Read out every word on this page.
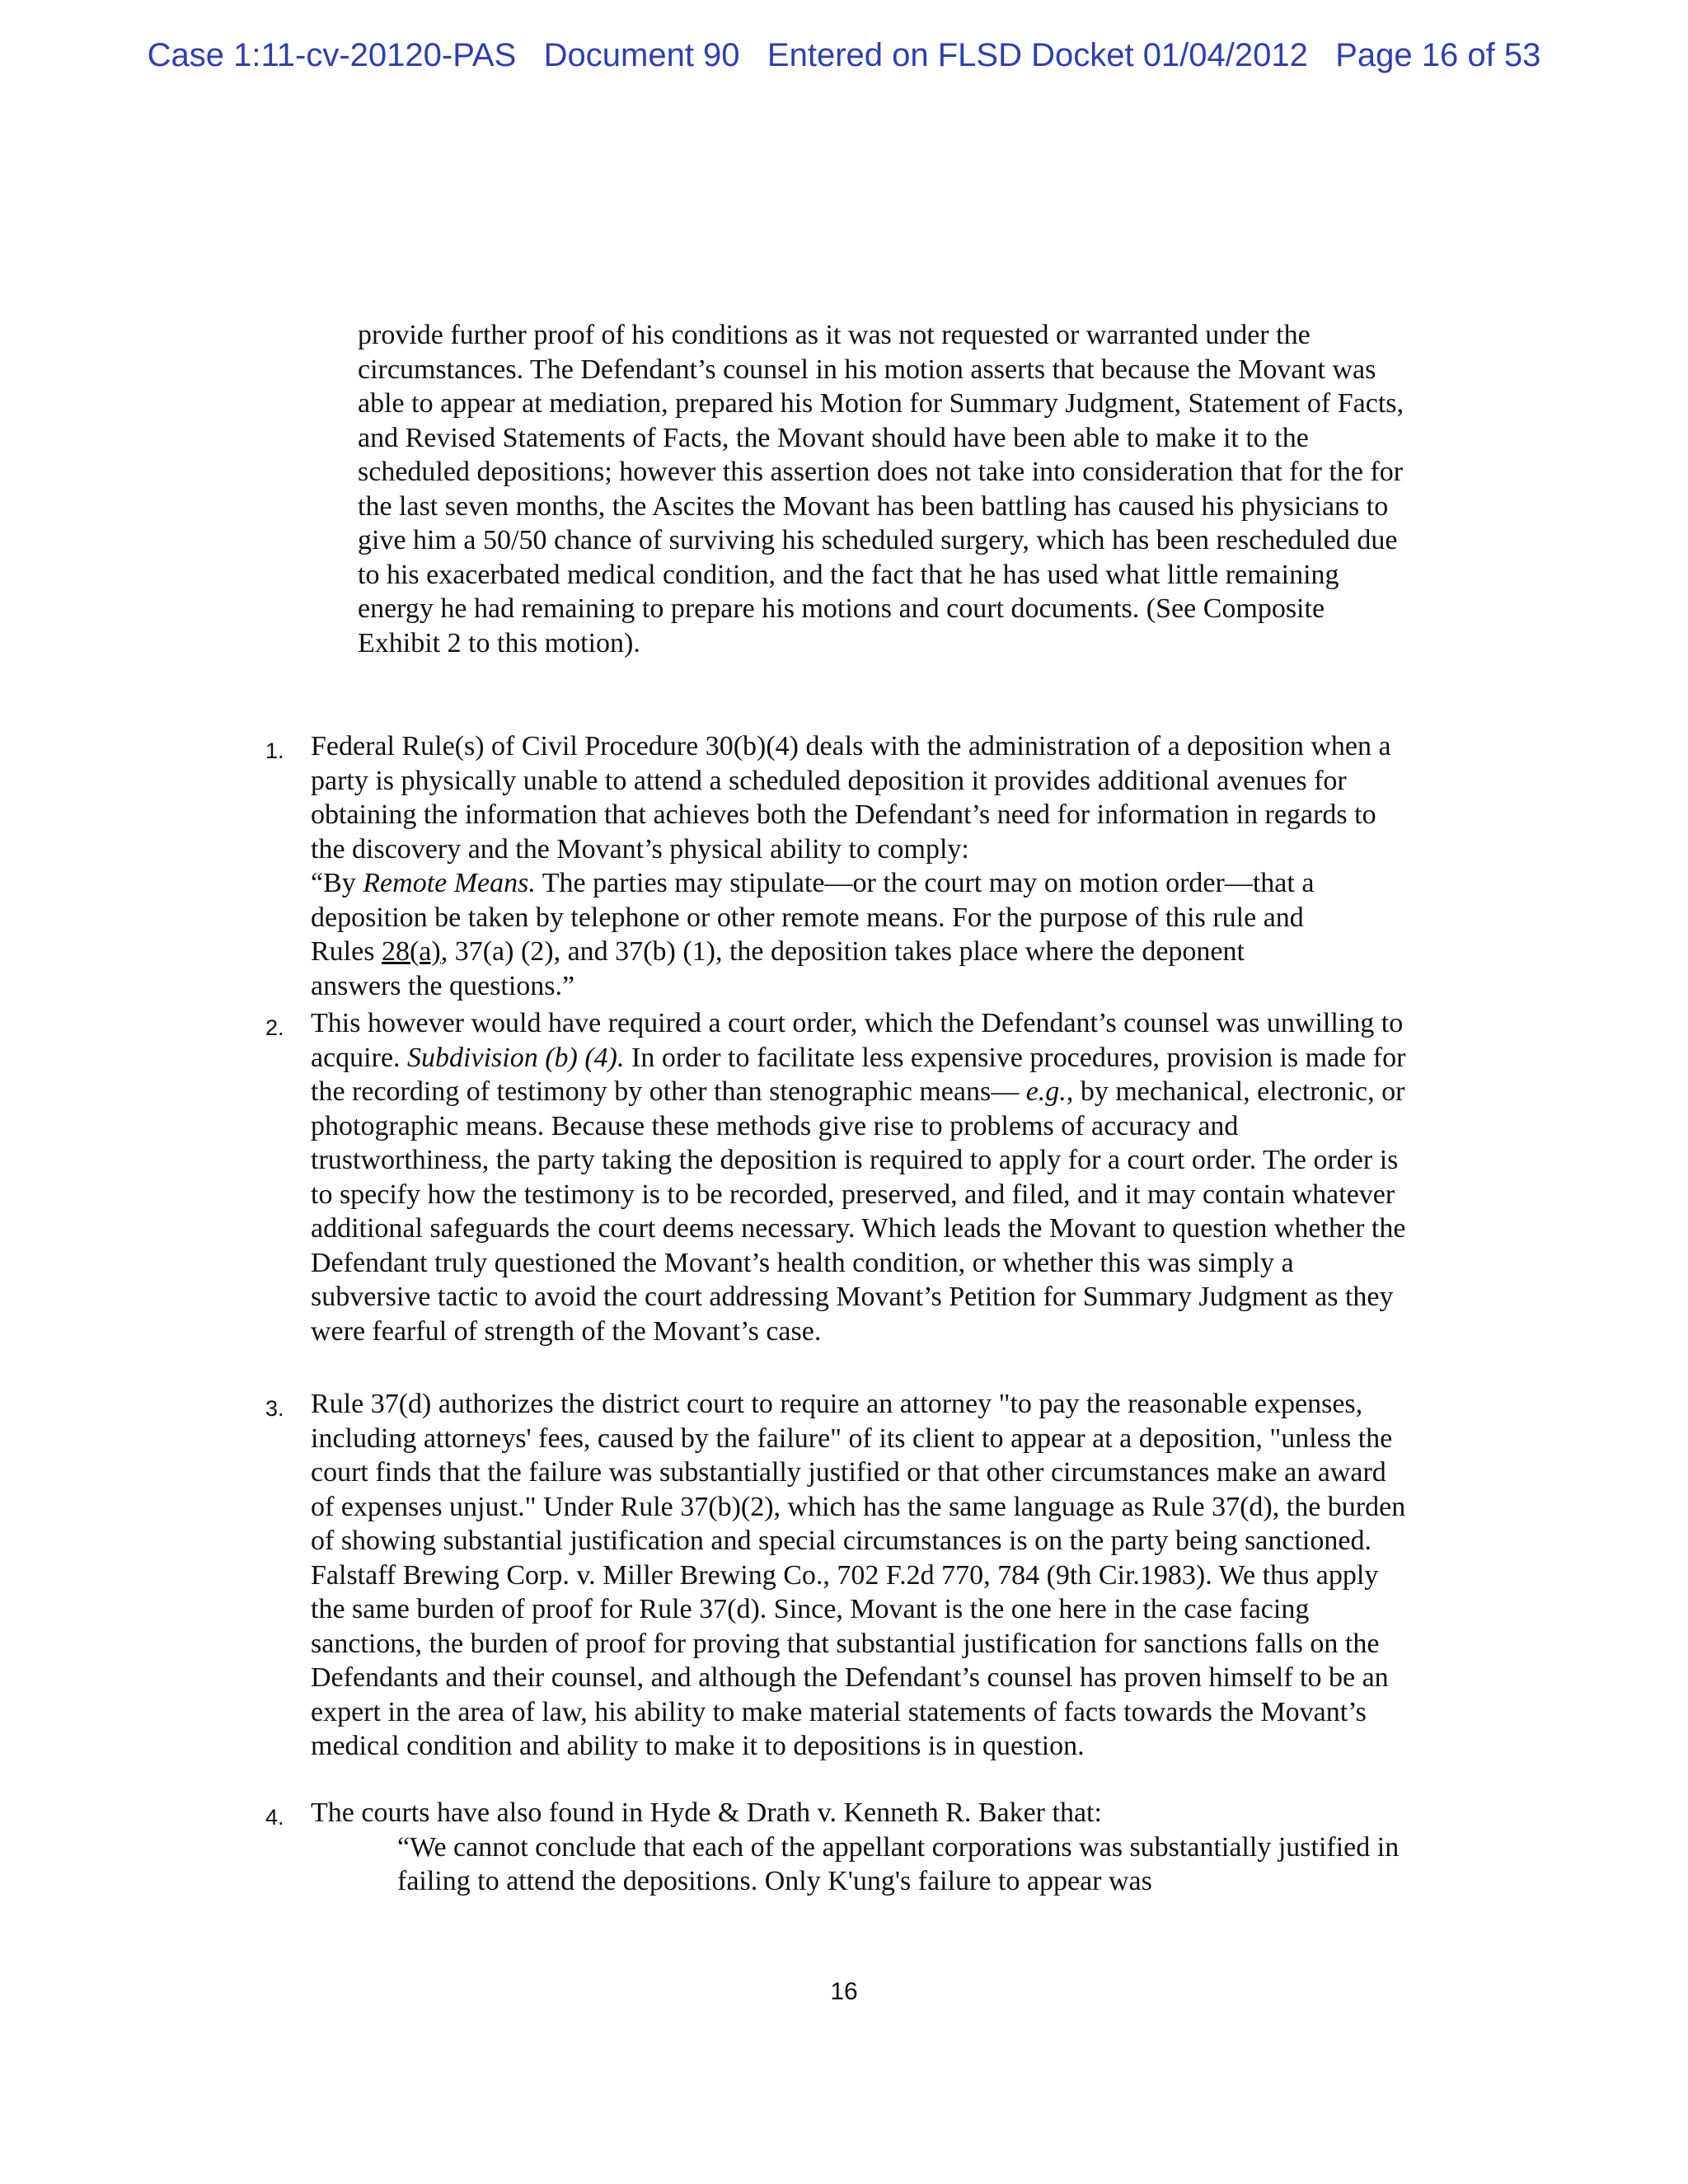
Case 1:11-cv-20120-PAS Document 90 Entered on FLSD Docket 01/04/2012 Page 16 of 53

provide further proof of his conditions as it was not requested or warranted under the circumstances. The Defendant’s counsel in his motion asserts that because the Movant was able to appear at mediation, prepared his Motion for Summary Judgment, Statement of Facts, and Revised Statements of Facts, the Movant should have been able to make it to the scheduled depositions; however this assertion does not take into consideration that for the for the last seven months, the Ascites the Movant has been battling has caused his physicians to give him a 50/50 chance of surviving his scheduled surgery, which has been rescheduled due to his exacerbated medical condition, and the fact that he has used what little remaining energy he had remaining to prepare his motions and court documents. (See Composite Exhibit 2 to this motion).

1. Federal Rule(s) of Civil Procedure 30(b)(4) deals with the administration of a deposition when a party is physically unable to attend a scheduled deposition it provides additional avenues for obtaining the information that achieves both the Defendant’s need for information in regards to the discovery and the Movant’s physical ability to comply:

“By Remote Means. The parties may stipulate—or the court may on motion order—that a deposition be taken by telephone or other remote means. For the purpose of this rule and Rules 28(a), 37(a) (2), and 37(b) (1), the deposition takes place where the deponent answers the questions.”

2. This however would have required a court order, which the Defendant’s counsel was unwilling to acquire. Subdivision (b) (4). In order to facilitate less expensive procedures, provision is made for the recording of testimony by other than stenographic means— e.g., by mechanical, electronic, or photographic means. Because these methods give rise to problems of accuracy and trustworthiness, the party taking the deposition is required to apply for a court order. The order is to specify how the testimony is to be recorded, preserved, and filed, and it may contain whatever additional safeguards the court deems necessary. Which leads the Movant to question whether the Defendant truly questioned the Movant’s health condition, or whether this was simply a subversive tactic to avoid the court addressing Movant’s Petition for Summary Judgment as they were fearful of strength of the Movant’s case.

3. Rule 37(d) authorizes the district court to require an attorney "to pay the reasonable expenses, including attorneys' fees, caused by the failure" of its client to appear at a deposition, "unless the court finds that the failure was substantially justified or that other circumstances make an award of expenses unjust." Under Rule 37(b)(2), which has the same language as Rule 37(d), the burden of showing substantial justification and special circumstances is on the party being sanctioned. Falstaff Brewing Corp. v. Miller Brewing Co., 702 F.2d 770, 784 (9th Cir.1983). We thus apply the same burden of proof for Rule 37(d). Since, Movant is the one here in the case facing sanctions, the burden of proof for proving that substantial justification for sanctions falls on the Defendants and their counsel, and although the Defendant’s counsel has proven himself to be an expert in the area of law, his ability to make material statements of facts towards the Movant’s medical condition and ability to make it to depositions is in question.

4. The courts have also found in Hyde & Drath v. Kenneth R. Baker that:

“We cannot conclude that each of the appellant corporations was substantially justified in failing to attend the depositions. Only K'ung's failure to appear was

16
